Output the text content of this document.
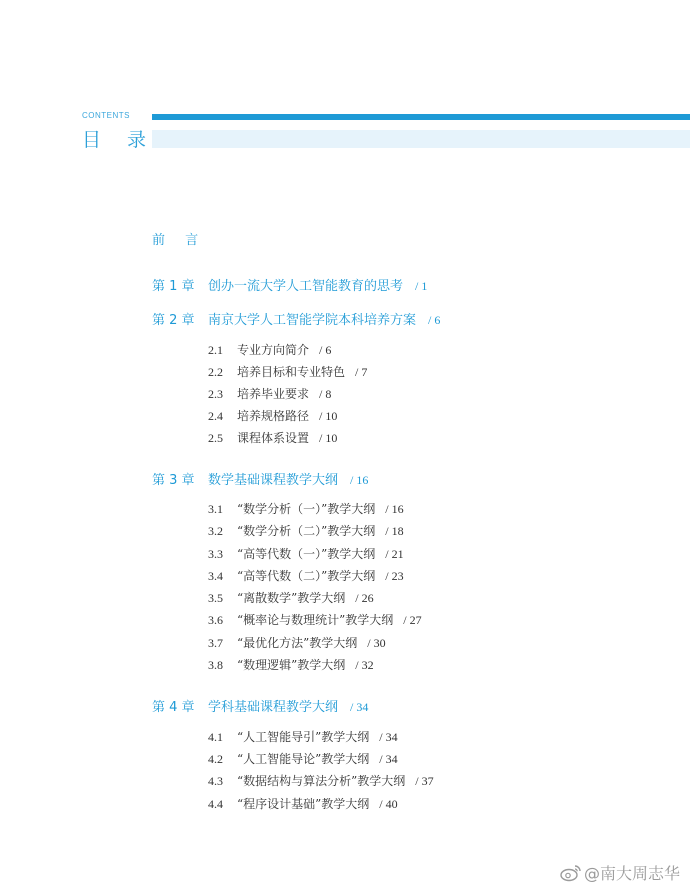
CONTENTS
目 录
前 言
第 1 章 创办一流大学人工智能教育的思考 / 1
第 2 章 南京大学人工智能学院本科培养方案 / 6
2.1 专业方向简介 / 6
2.2 培养目标和专业特色 / 7
2.3 培养毕业要求 / 8
2.4 培养规格路径 / 10
2.5 课程体系设置 / 10
第 3 章 数学基础课程教学大纲 / 16
3.1 “数学分析（一）”教学大纲 / 16
3.2 “数学分析（二）”教学大纲 / 18
3.3 “高等代数（一）”教学大纲 / 21
3.4 “高等代数（二）”教学大纲 / 23
3.5 “离散数学”教学大纲 / 26
3.6 “概率论与数理统计”教学大纲 / 27
3.7 “最优化方法”教学大纲 / 30
3.8 “数理逻辑”教学大纲 / 32
第 4 章 学科基础课程教学大纲 / 34
4.1 “人工智能导引”教学大纲 / 34
4.2 “人工智能导论”教学大纲 / 34
4.3 “数据结构与算法分析”教学大纲 / 37
4.4 “程序设计基础”教学大纲 / 40
@南大周志华
